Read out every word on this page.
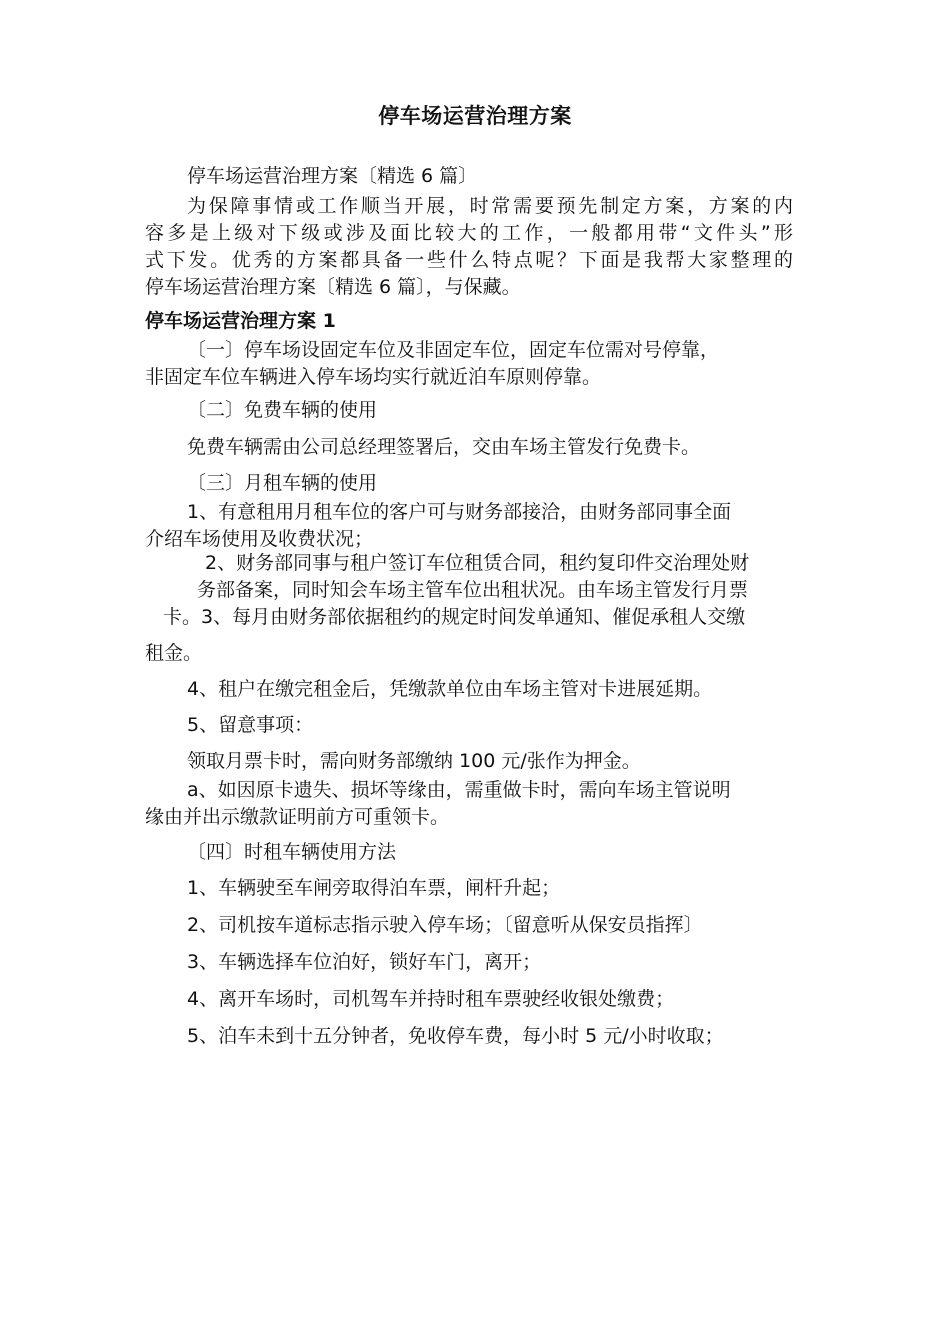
停车场运营治理方案

停车场运营治理方案〔精选 6 篇〕

为保障事情或工作顺当开展，时常需要预先制定方案，方案的内

容多是上级对下级或涉及面比较大的工作，一般都用带“文件头”形

式下发。优秀的方案都具备一些什么特点呢？下面是我帮大家整理的

停车场运营治理方案〔精选 6 篇〕，与保藏。

停车场运营治理方案 1

〔一〕停车场设固定车位及非固定车位，固定车位需对号停靠，

非固定车位车辆进入停车场均实行就近泊车原则停靠。

〔二〕免费车辆的使用

免费车辆需由公司总经理签署后，交由车场主管发行免费卡。

〔三〕月租车辆的使用

1、有意租用月租车位的客户可与财务部接洽，由财务部同事全面

介绍车场使用及收费状况；

2、财务部同事与租户签订车位租赁合同，租约复印件交治理处财

务部备案，同时知会车场主管车位出租状况。由车场主管发行月票

卡。3、每月由财务部依据租约的规定时间发单通知、催促承租人交缴

租金。

4、租户在缴完租金后，凭缴款单位由车场主管对卡进展延期。

5、留意事项：

领取月票卡时，需向财务部缴纳 100 元/张作为押金。

a、如因原卡遗失、损坏等缘由，需重做卡时，需向车场主管说明

缘由并出示缴款证明前方可重领卡。

〔四〕时租车辆使用方法

1、车辆驶至车闸旁取得泊车票，闸杆升起；

2、司机按车道标志指示驶入停车场；〔留意听从保安员指挥〕

3、车辆选择车位泊好，锁好车门，离开；

4、离开车场时，司机驾车并持时租车票驶经收银处缴费；

5、泊车未到十五分钟者，免收停车费，每小时 5 元/小时收取；
